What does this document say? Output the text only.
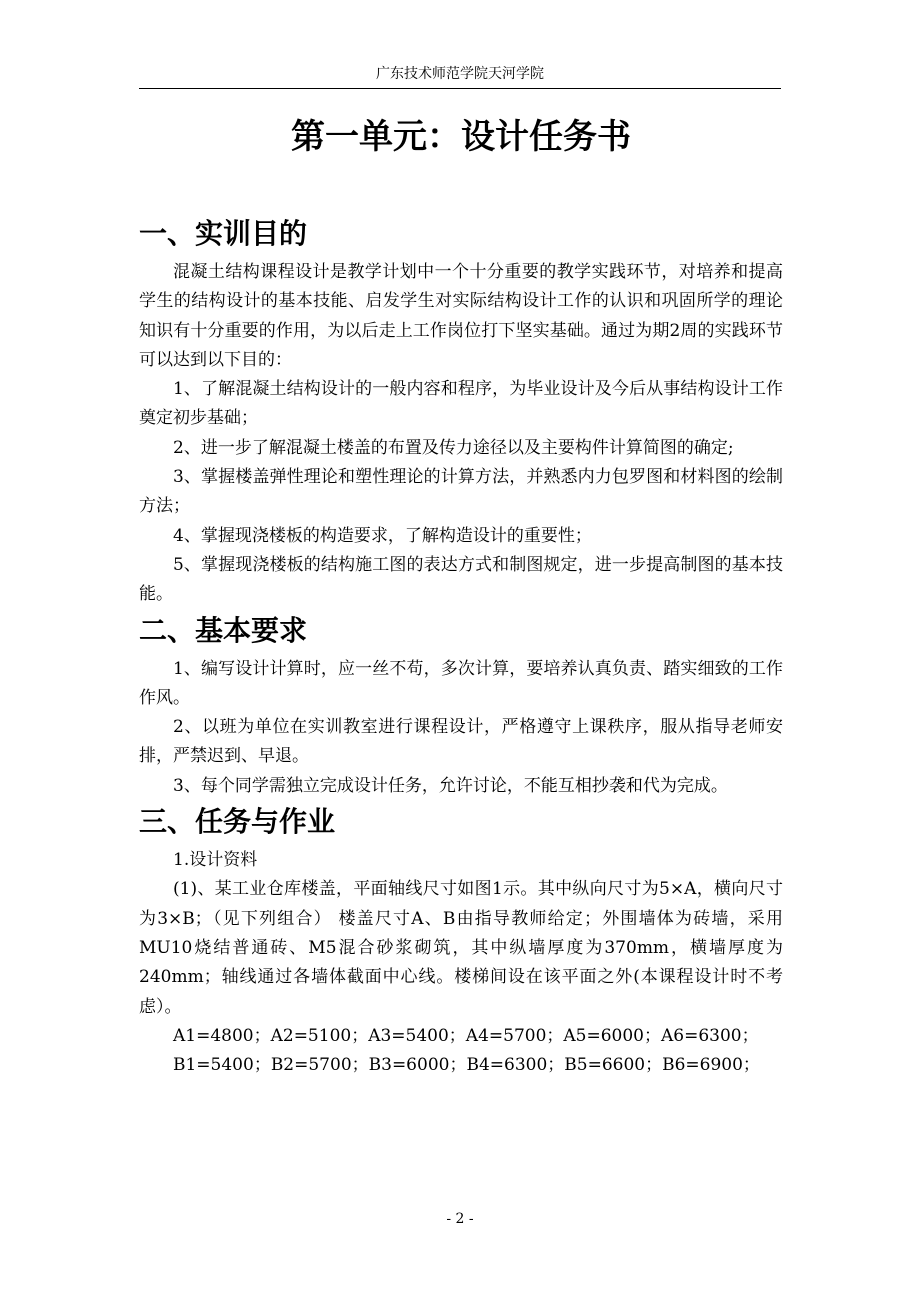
广东技术师范学院天河学院
第一单元：设计任务书
一、实训目的

混凝土结构课程设计是教学计划中一个十分重要的教学实践环节，对培养和提高学生的结构设计的基本技能、启发学生对实际结构设计工作的认识和巩固所学的理论知识有十分重要的作用，为以后走上工作岗位打下坚实基础。通过为期2周的实践环节可以达到以下目的：

1、了解混凝土结构设计的一般内容和程序，为毕业设计及今后从事结构设计工作奠定初步基础；

2、进一步了解混凝土楼盖的布置及传力途径以及主要构件计算简图的确定;

3、掌握楼盖弹性理论和塑性理论的计算方法，并熟悉内力包罗图和材料图的绘制方法；

4、掌握现浇楼板的构造要求，了解构造设计的重要性；

5、掌握现浇楼板的结构施工图的表达方式和制图规定，进一步提高制图的基本技能。

二、基本要求

1、编写设计计算时，应一丝不苟，多次计算，要培养认真负责、踏实细致的工作作风。

2、以班为单位在实训教室进行课程设计，严格遵守上课秩序，服从指导老师安排，严禁迟到、早退。

3、每个同学需独立完成设计任务，允许讨论，不能互相抄袭和代为完成。

三、任务与作业

1.设计资料

(1)、某工业仓库楼盖，平面轴线尺寸如图1示。其中纵向尺寸为5×A，横向尺寸为3×B；（见下列组合） 楼盖尺寸A、B由指导教师给定；外围墙体为砖墙，采用MU10烧结普通砖、M5混合砂浆砌筑，其中纵墙厚度为370mm，横墙厚度为240mm；轴线通过各墙体截面中心线。楼梯间设在该平面之外(本课程设计时不考虑）。

A1=4800；A2=5100；A3=5400；A4=5700；A5=6000；A6=6300；

B1=5400；B2=5700；B3=6000；B4=6300；B5=6600；B6=6900；

- 2 -
